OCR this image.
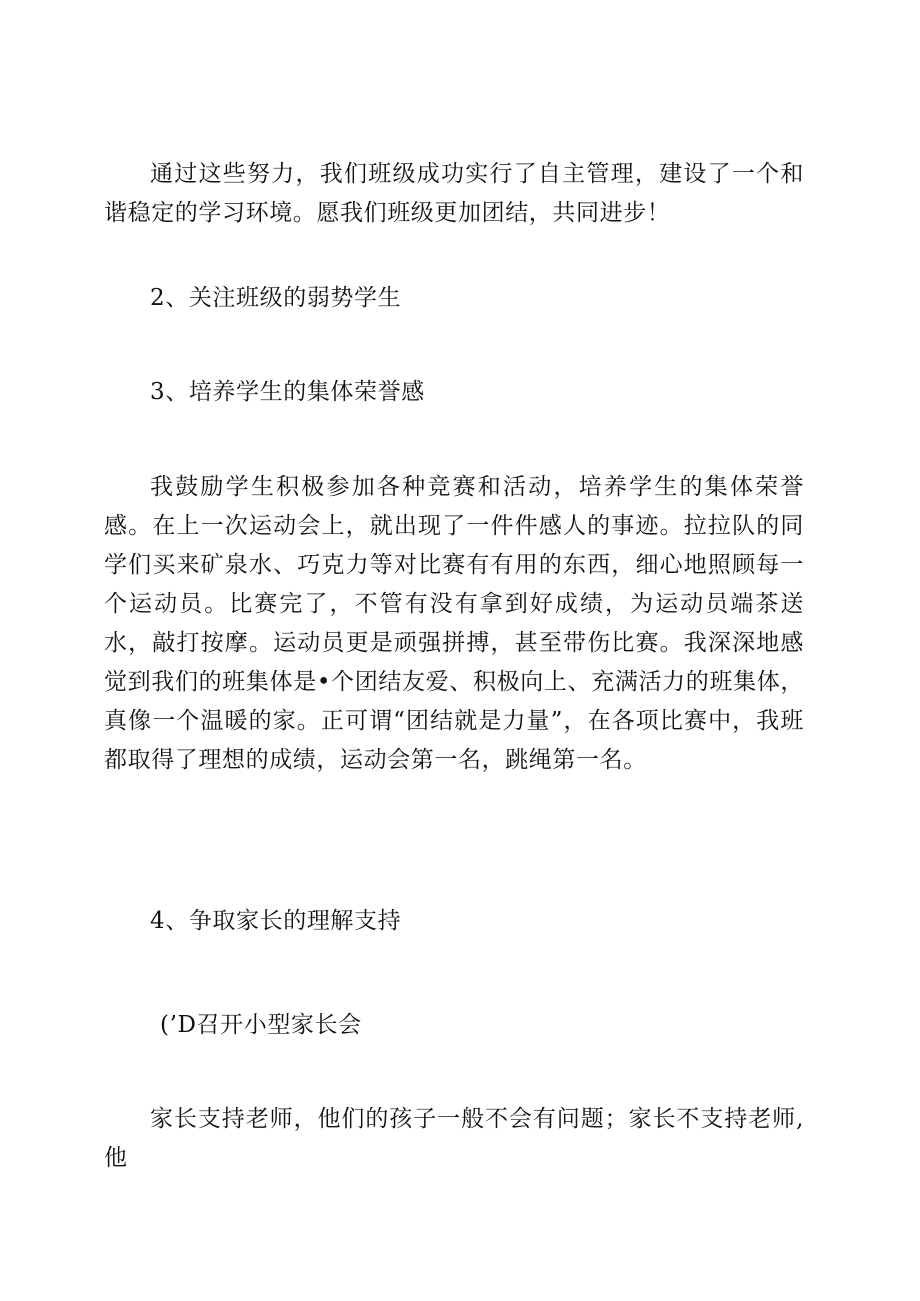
通过这些努力，我们班级成功实行了自主管理，建设了一个和谐稳定的学习环境。愿我们班级更加团结，共同进步！

2、关注班级的弱势学生

3、培养学生的集体荣誉感

我鼓励学生积极参加各种竞赛和活动，培养学生的集体荣誉感。在上一次运动会上，就出现了一件件感人的事迹。拉拉队的同学们买来矿泉水、巧克力等对比赛有有用的东西，细心地照顾每一个运动员。比赛完了，不管有没有拿到好成绩，为运动员端茶送水，敲打按摩。运动员更是顽强拼搏，甚至带伤比赛。我深深地感觉到我们的班集体是•个团结友爱、积极向上、充满活力的班集体，真像一个温暖的家。正可谓“团结就是力量”，在各项比赛中，我班都取得了理想的成绩，运动会第一名，跳绳第一名。

4、争取家长的理解支持

(’D召开小型家长会

家长支持老师，他们的孩子一般不会有问题；家长不支持老师,他
